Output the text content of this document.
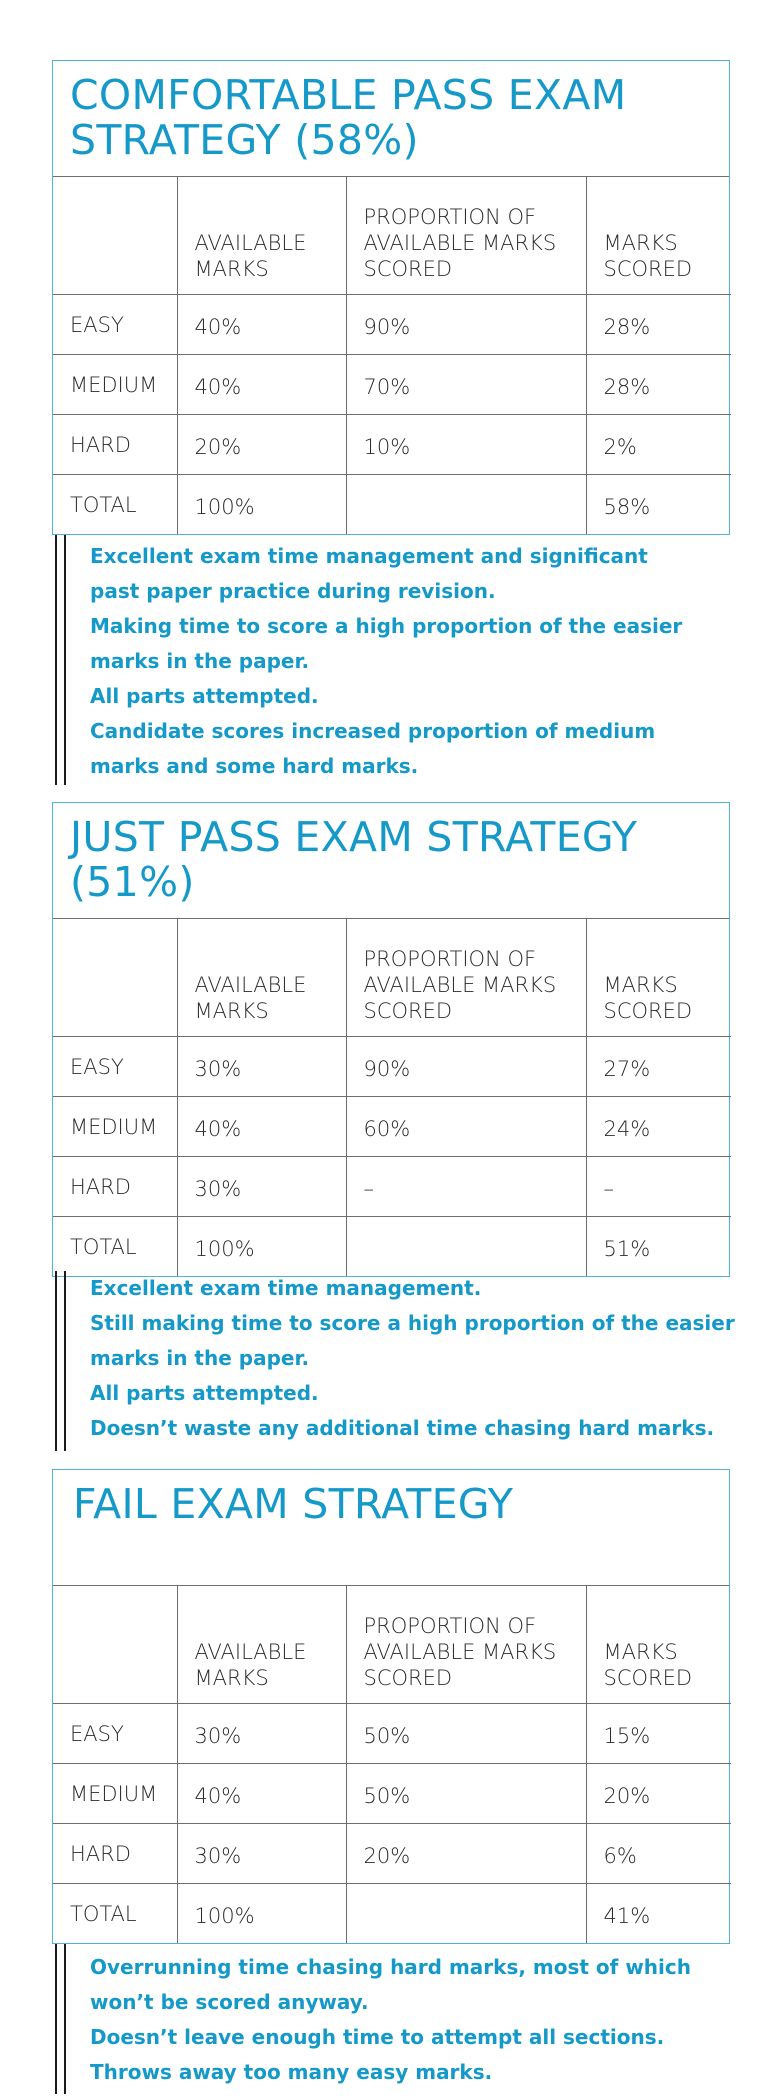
COMFORTABLE PASS EXAM STRATEGY (58%)
	AVAILABLE MARKS	PROPORTION OF AVAILABLE MARKS SCORED	MARKS SCORED
EASY	40%	90%	28%
MEDIUM	40%	70%	28%
HARD	20%	10%	2%
TOTAL	100%		58%

Excellent exam time management and significant

past paper practice during revision.

Making time to score a high proportion of the easier

marks in the paper.

All parts attempted.

Candidate scores increased proportion of medium

marks and some hard marks.

JUST PASS EXAM STRATEGY (51%)
	AVAILABLE MARKS	PROPORTION OF AVAILABLE MARKS SCORED	MARKS SCORED
EASY	30%	90%	27%
MEDIUM	40%	60%	24%
HARD	30%	–	–
TOTAL	100%		51%

Excellent exam time management.

Still making time to score a high proportion of the easier

marks in the paper.

All parts attempted.

Doesn’t waste any additional time chasing hard marks.

FAIL EXAM STRATEGY
	AVAILABLE MARKS	PROPORTION OF AVAILABLE MARKS SCORED	MARKS SCORED
EASY	30%	50%	15%
MEDIUM	40%	50%	20%
HARD	30%	20%	6%
TOTAL	100%		41%

Overrunning time chasing hard marks, most of which

won’t be scored anyway.

Doesn’t leave enough time to attempt all sections.

Throws away too many easy marks.
